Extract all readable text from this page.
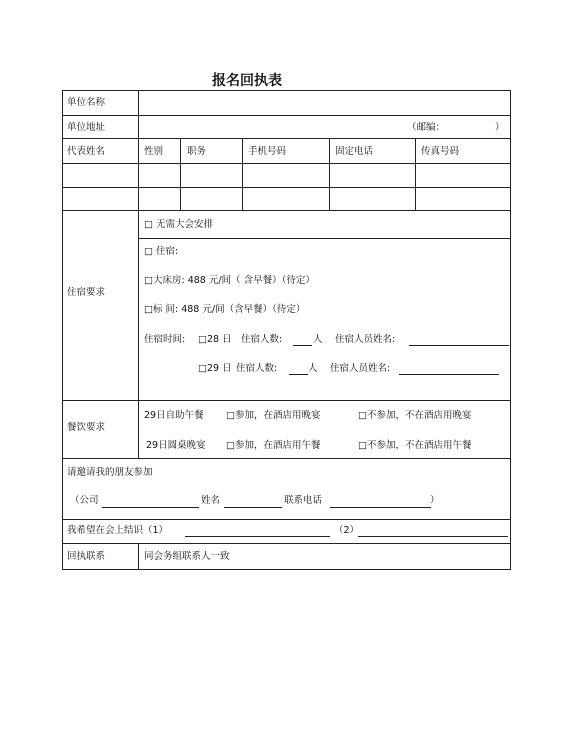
报名回执表
单位名称
单位地址	（邮编：	）
代表姓名	性别	职务	手机号码	固定电话	传真号码
住宿要求
□ 无需大会安排
□ 住宿:
□大床房: 488 元/间（ 含早餐）（待定）
□标 间: 488 元/间（含早餐）（待定）
住宿时间: □28 日 住宿人数:	人 住宿人员姓名:
□29 日 住宿人数:	人 住宿人员姓名:
餐饮要求
29日自助午餐 □参加，在酒店用晚宴	□不参加，不在酒店用晚宴
29日圆桌晚宴 □参加，在酒店用午餐	□不参加，不在酒店用午餐
请邀请我的朋友参加
（公司	姓名	联系电话	）
我希望在会上结识（1）	（2）
回执联系	同会务组联系人一致
